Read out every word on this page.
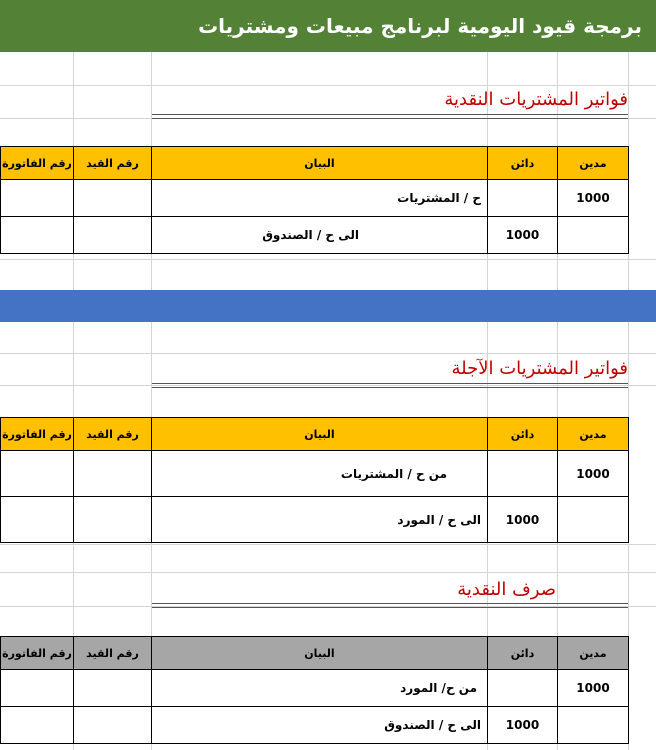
برمجة قيود اليومية لبرنامج مبيعات ومشتريات
فواتير المشتريات النقدية
رقم الفاتورة	رقم القيد	البيان	دائن	مدين
		ح / المشتريات		1000
		الى ح / الصندوق	1000	
فواتير المشتريات الآجلة
رقم الفاتورة	رقم القيد	البيان	دائن	مدين
		من ح / المشتريات		1000
		الى ح / المورد	1000	
صرف النقدية
رقم الفاتورة	رقم القيد	البيان	دائن	مدين
		من ح/ المورد		1000
		الى ح / الصندوق	1000	
